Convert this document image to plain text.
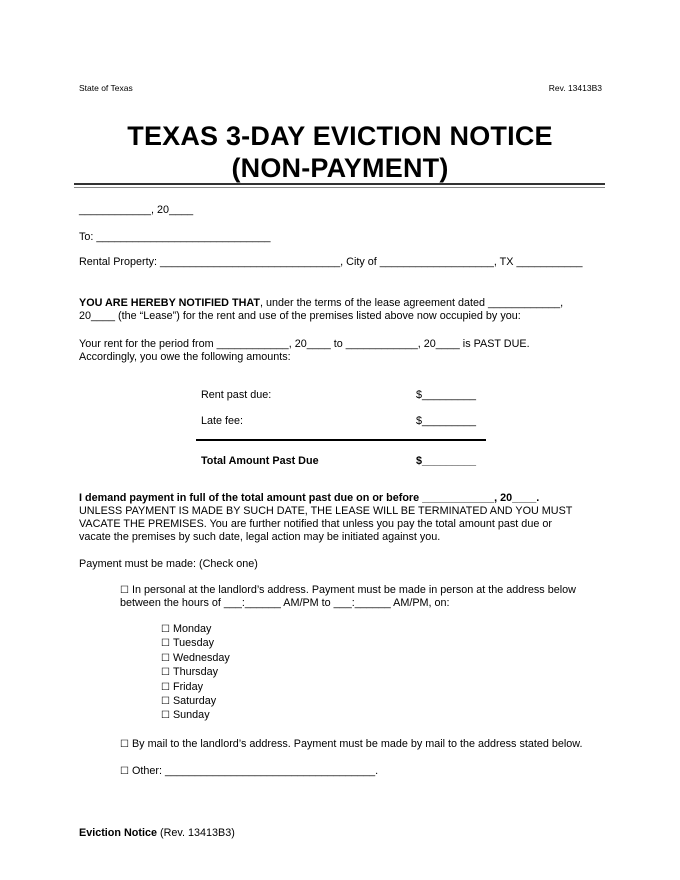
State of Texas	Rev. 13413B3
TEXAS 3-DAY EVICTION NOTICE
(NON-PAYMENT)
____________, 20____
To: _____________________________
Rental Property: ______________________________, City of ___________________, TX ___________
YOU ARE HEREBY NOTIFIED THAT, under the terms of the lease agreement dated ____________,
20____ (the “Lease”) for the rent and use of the premises listed above now occupied by you:
Your rent for the period from ____________, 20____ to ____________, 20____ is PAST DUE.
Accordingly, you owe the following amounts:
Rent past due:	$_________
Late fee:	$_________
Total Amount Past Due	$_________
I demand payment in full of the total amount past due on or before ____________, 20____.
UNLESS PAYMENT IS MADE BY SUCH DATE, THE LEASE WILL BE TERMINATED AND YOU MUST
VACATE THE PREMISES. You are further notified that unless you pay the total amount past due or
vacate the premises by such date, legal action may be initiated against you.
Payment must be made: (Check one)
☐ In personal at the landlord’s address. Payment must be made in person at the address below
between the hours of ___:______ AM/PM to ___:______ AM/PM, on:
☐ Monday
☐ Tuesday
☐ Wednesday
☐ Thursday
☐ Friday
☐ Saturday
☐ Sunday
☐ By mail to the landlord’s address. Payment must be made by mail to the address stated below.
☐ Other: ___________________________________.
Eviction Notice (Rev. 13413B3)
